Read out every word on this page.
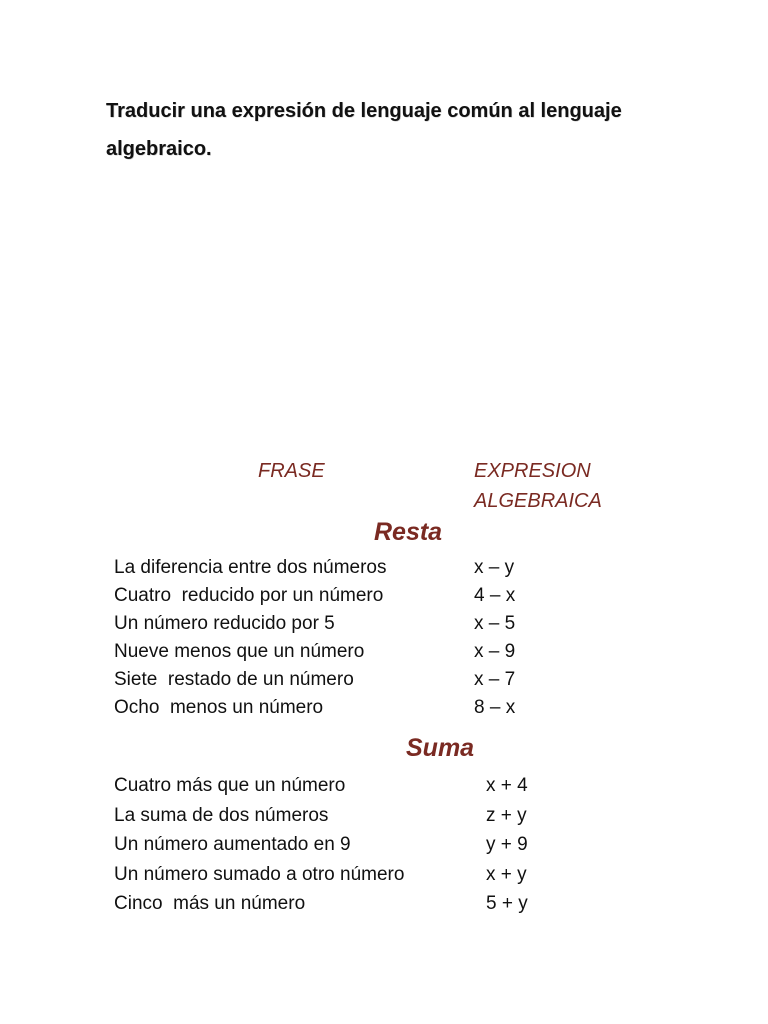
Traducir una expresión de lenguaje común al lenguaje algebraico.
FRASE	EXPRESION ALGEBRAICA
Resta
La diferencia entre dos números	x – y
Cuatro  reducido por un número	4 – x
Un número reducido por 5	x – 5
Nueve menos que un número	x – 9
Siete  restado de un número	x – 7
Ocho  menos un número	8 – x
Suma
Cuatro más que un número	x + 4
La suma de dos números	z + y
Un número aumentado en 9	y + 9
Un número sumado a otro número	x + y
Cinco  más un número	5 + y
